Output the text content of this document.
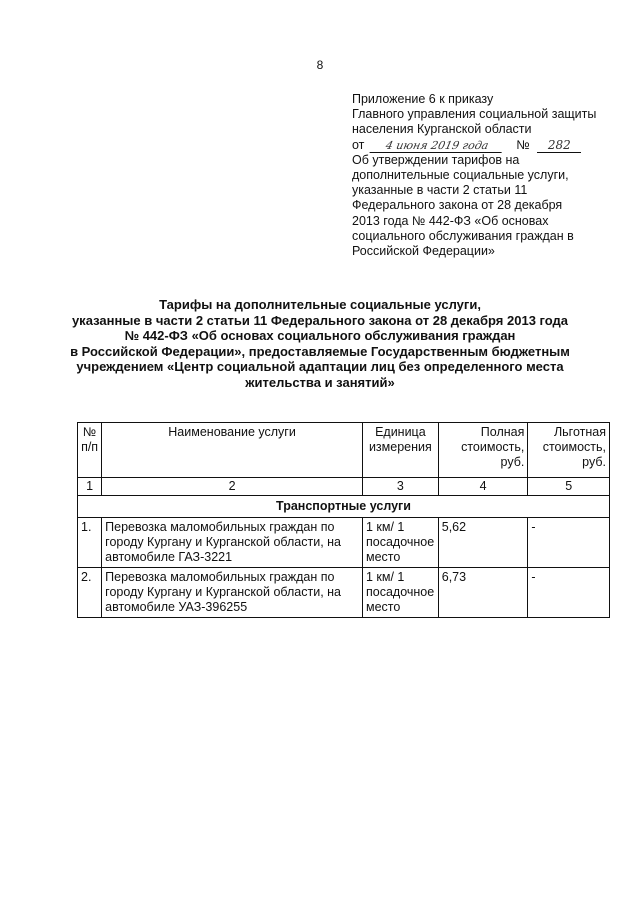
8
Приложение 6 к приказу
Главного управления социальной защиты
населения Курганской области
от 4 июня 2019 года № 282
Об утверждении тарифов на
дополнительные социальные услуги,
указанные в части 2 статьи 11
Федерального закона от 28 декабря
2013 года № 442-ФЗ «Об основах
социального обслуживания граждан в
Российской Федерации»
Тарифы на дополнительные социальные услуги,
указанные в части 2 статьи 11 Федерального закона от 28 декабря 2013 года
№ 442-ФЗ «Об основах социального обслуживания граждан
в Российской Федерации», предоставляемые Государственным бюджетным
учреждением «Центр социальной адаптации лиц без определенного места
жительства и занятий»
№ п/п	Наименование услуги	Единица измерения	Полная стоимость, руб.	Льготная стоимость, руб.
1	2	3	4	5
Транспортные услуги				
1.	Перевозка маломобильных граждан по городу Кургану и Курганской области, на автомобиле ГАЗ-3221	1 км/ 1 посадочное место	5,62	-
2.	Перевозка маломобильных граждан по городу Кургану и Курганской области, на автомобиле УАЗ-396255	1 км/ 1 посадочное место	6,73	-
